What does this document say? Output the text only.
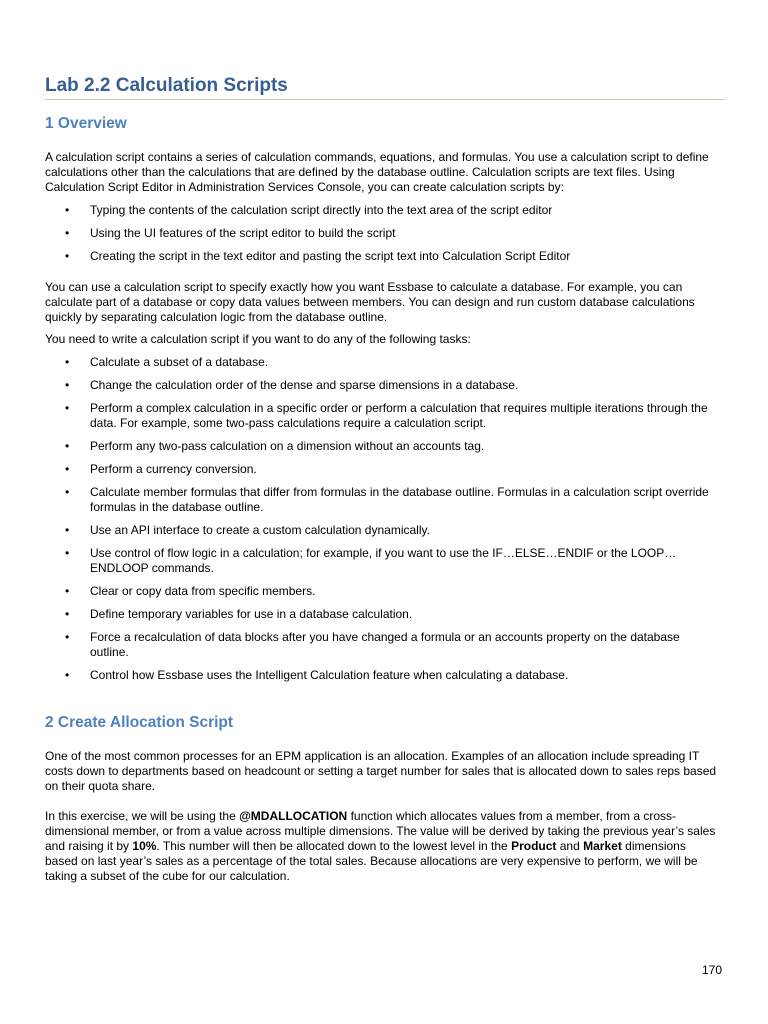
Lab 2.2 Calculation Scripts
1 Overview

A calculation script contains a series of calculation commands, equations, and formulas. You use a calculation script to define calculations other than the calculations that are defined by the database outline. Calculation scripts are text files. Using Calculation Script Editor in Administration Services Console, you can create calculation scripts by:

• Typing the contents of the calculation script directly into the text area of the script editor
• Using the UI features of the script editor to build the script
• Creating the script in the text editor and pasting the script text into Calculation Script Editor

You can use a calculation script to specify exactly how you want Essbase to calculate a database. For example, you can calculate part of a database or copy data values between members. You can design and run custom database calculations quickly by separating calculation logic from the database outline.

You need to write a calculation script if you want to do any of the following tasks:

• Calculate a subset of a database.
• Change the calculation order of the dense and sparse dimensions in a database.
• Perform a complex calculation in a specific order or perform a calculation that requires multiple iterations through the data. For example, some two-pass calculations require a calculation script.
• Perform any two-pass calculation on a dimension without an accounts tag.
• Perform a currency conversion.
• Calculate member formulas that differ from formulas in the database outline. Formulas in a calculation script override formulas in the database outline.
• Use an API interface to create a custom calculation dynamically.
• Use control of flow logic in a calculation; for example, if you want to use the IF…ELSE…ENDIF or the LOOP…ENDLOOP commands.
• Clear or copy data from specific members.
• Define temporary variables for use in a database calculation.
• Force a recalculation of data blocks after you have changed a formula or an accounts property on the database outline.
• Control how Essbase uses the Intelligent Calculation feature when calculating a database.
2 Create Allocation Script

One of the most common processes for an EPM application is an allocation. Examples of an allocation include spreading IT costs down to departments based on headcount or setting a target number for sales that is allocated down to sales reps based on their quota share.

In this exercise, we will be using the @MDALLOCATION function which allocates values from a member, from a cross-dimensional member, or from a value across multiple dimensions. The value will be derived by taking the previous year’s sales and raising it by 10%. This number will then be allocated down to the lowest level in the Product and Market dimensions based on last year’s sales as a percentage of the total sales. Because allocations are very expensive to perform, we will be taking a subset of the cube for our calculation.

170
